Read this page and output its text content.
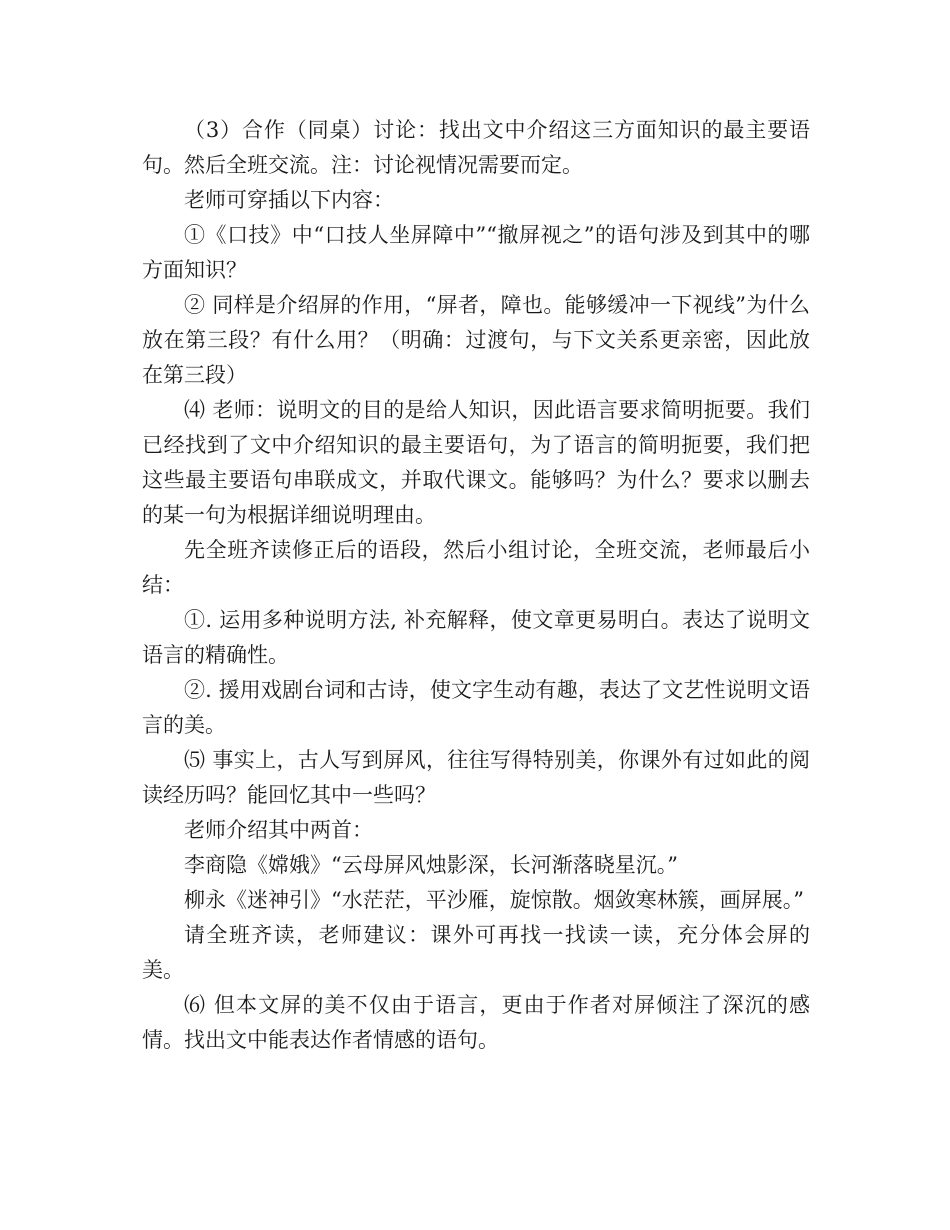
（3）合作（同桌）讨论：找出文中介绍这三方面知识的最主要语句。然后全班交流。注：讨论视情况需要而定。

老师可穿插以下内容：

①《口技》中“口技人坐屏障中”“撤屏视之”的语句涉及到其中的哪方面知识？

② 同样是介绍屏的作用，“屏者，障也。能够缓冲一下视线”为什么放在第三段？有什么用？（明确：过渡句，与下文关系更亲密，因此放在第三段）

⑷ 老师：说明文的目的是给人知识，因此语言要求简明扼要。我们已经找到了文中介绍知识的最主要语句，为了语言的简明扼要，我们把这些最主要语句串联成文，并取代课文。能够吗？为什么？要求以删去的某一句为根据详细说明理由。

先全班齐读修正后的语段，然后小组讨论，全班交流，老师最后小结：

①. 运用多种说明方法, 补充解释，使文章更易明白。表达了说明文语言的精确性。

②. 援用戏剧台词和古诗，使文字生动有趣，表达了文艺性说明文语言的美。

⑸ 事实上，古人写到屏风，往往写得特别美，你课外有过如此的阅读经历吗？能回忆其中一些吗？

老师介绍其中两首：

李商隐《嫦娥》“云母屏风烛影深，长河渐落晓星沉。”

柳永《迷神引》“水茫茫，平沙雁，旋惊散。烟敛寒林簇，画屏展。”

请全班齐读，老师建议：课外可再找一找读一读，充分体会屏的美。

⑹ 但本文屏的美不仅由于语言，更由于作者对屏倾注了深沉的感情。找出文中能表达作者情感的语句。
